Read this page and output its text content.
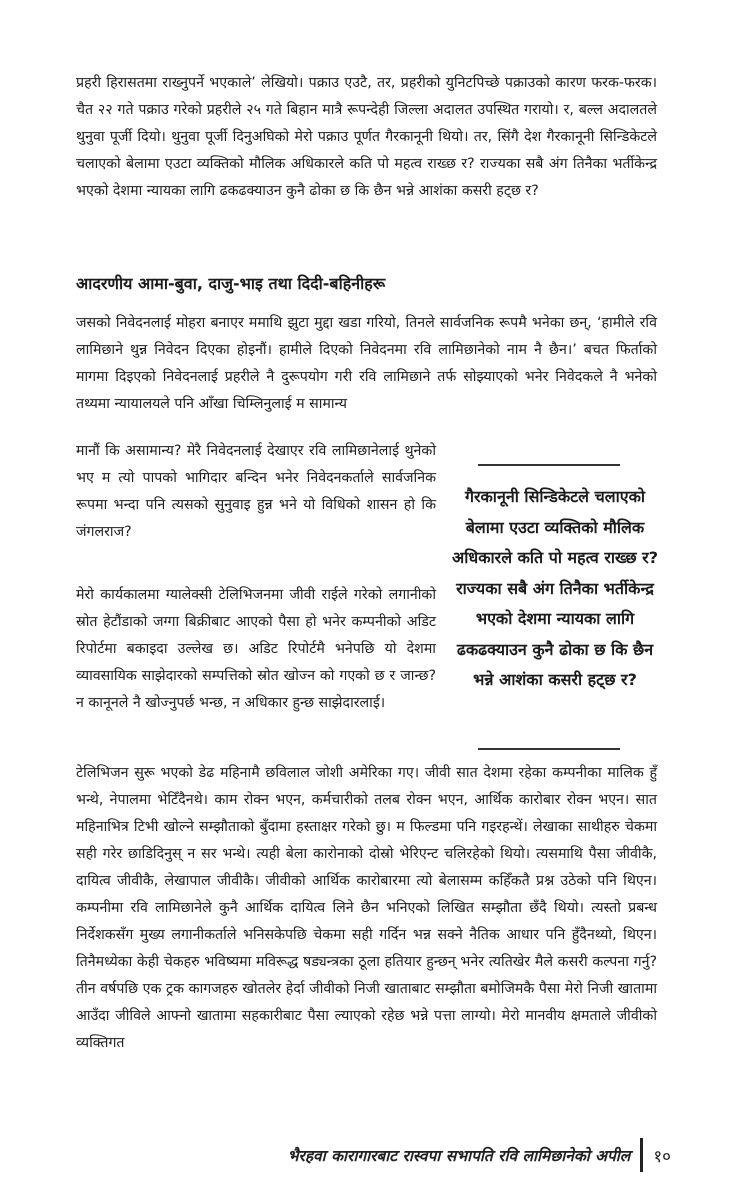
प्रहरी हिरासतमा राख्नुपर्ने भएकाले’ लेखियो। पक्राउ एउटै, तर, प्रहरीको युनिटपिच्छे पक्राउको कारण फरक-फरक। चैत २२ गते पक्राउ गरेको प्रहरीले २५ गते बिहान मात्रै रूपन्देही जिल्ला अदालत उपस्थित गरायो। र, बल्ल अदालतले थुनुवा पूर्जी दियो। थुनुवा पूर्जी दिनुअघिको मेरो पक्राउ पूर्णत गैरकानूनी थियो। तर, सिंगै देश गैरकानूनी सिन्डिकेटले चलाएको बेलामा एउटा व्यक्तिको मौलिक अधिकारले कति पो महत्व राख्छ र? राज्यका सबै अंग तिनैका भर्तीकेन्द्र भएको देशमा न्यायका लागि ढकढक्याउन कुनै ढोका छ कि छैन भन्ने आशंका कसरी हट्छ र?

आदरणीय आमा-बुवा, दाजु-भाइ तथा दिदी-बहिनीहरू

जसको निवेदनलाई मोहरा बनाएर ममाथि झुटा मुद्दा खडा गरियो, तिनले सार्वजनिक रूपमै भनेका छन्, ‘हामीले रवि लामिछाने थुन्न निवेदन दिएका होइनौं। हामीले दिएको निवेदनमा रवि लामिछानेको नाम नै छैन।’ बचत फिर्ताको मागमा दिइएको निवेदनलाई प्रहरीले नै दुरूपयोग गरी रवि लामिछाने तर्फ सोझ्याएको भनेर निवेदकले नै भनेको तथ्यमा न्यायालयले पनि आँखा चिम्लिनुलाई म सामान्य

मानौं कि असामान्य? मेरै निवेदनलाई देखाएर रवि लामिछानेलाई थुनेको भए म त्यो पापको भागिदार बन्दिन भनेर निवेदनकर्ताले सार्वजनिक रूपमा भन्दा पनि त्यसको सुनुवाइ हुन्न भने यो विधिको शासन हो कि जंगलराज?

मेरो कार्यकालमा ग्यालेक्सी टेलिभिजनमा जीवी राईले गरेको लगानीको स्रोत हेटौंडाको जग्गा बिक्रीबाट आएको पैसा हो भनेर कम्पनीको अडिट रिपोर्टमा बकाइदा उल्लेख छ। अडिट रिपोर्टमै भनेपछि यो देशमा व्यावसायिक साझेदारको सम्पत्तिको स्रोत खोज्न को गएको छ र जान्छ? न कानूनले नै खोज्नुपर्छ भन्छ, न अधिकार हुन्छ साझेदारलाई।

गैरकानूनी सिन्डिकेटले चलाएको बेलामा एउटा व्यक्तिको मौलिक अधिकारले कति पो महत्व राख्छ र? राज्यका सबै अंग तिनैका भर्तीकेन्द्र भएको देशमा न्यायका लागि ढकढक्याउन कुनै ढोका छ कि छैन भन्ने आशंका कसरी हट्छ र?

टेलिभिजन सुरू भएको डेढ महिनामै छविलाल जोशी अमेरिका गए। जीवी सात देशमा रहेका कम्पनीका मालिक हुँ भन्थे, नेपालमा भेटिँदैनथे। काम रोक्न भएन, कर्मचारीको तलब रोक्न भएन, आर्थिक कारोबार रोक्न भएन। सात महिनाभित्र टिभी खोल्ने सम्झौताको बुँदामा हस्ताक्षर गरेको छु। म फिल्डमा पनि गइरहन्थें। लेखाका साथीहरु चेकमा सही गरेर छाडिदिनुस् न सर भन्थे। त्यही बेला कारोनाको दोस्रो भेरिएन्ट चलिरहेको थियो। त्यसमाथि पैसा जीवीकै, दायित्व जीवीकै, लेखापाल जीवीकै। जीवीको आर्थिक कारोबारमा त्यो बेलासम्म कहिँकतै प्रश्न उठेको पनि थिएन। कम्पनीमा रवि लामिछानेले कुनै आर्थिक दायित्व लिने छैन भनिएको लिखित सम्झौता छँदै थियो। त्यस्तो प्रबन्ध निर्देशकसँग मुख्य लगानीकर्ताले भनिसकेपछि चेकमा सही गर्दिन भन्न सक्ने नैतिक आधार पनि हुँदैनथ्यो, थिएन। तिनैमध्येका केही चेकहरु भविष्यमा मविरूद्ध षड्यन्त्रका ठूला हतियार हुन्छन् भनेर त्यतिखेर मैले कसरी कल्पना गर्नु? तीन वर्षपछि एक ट्रक कागजहरु खोतलेर हेर्दा जीवीको निजी खाताबाट सम्झौता बमोजिमकै पैसा मेरो निजी खातामा आउँदा जीविले आफ्नो खातामा सहकारीबाट पैसा ल्याएको रहेछ भन्ने पत्ता लाग्यो। मेरो मानवीय क्षमताले जीवीको व्यक्तिगत

भैरहवा कारागारबाट रास्वपा सभापति रवि लामिछानेको अपील १०
